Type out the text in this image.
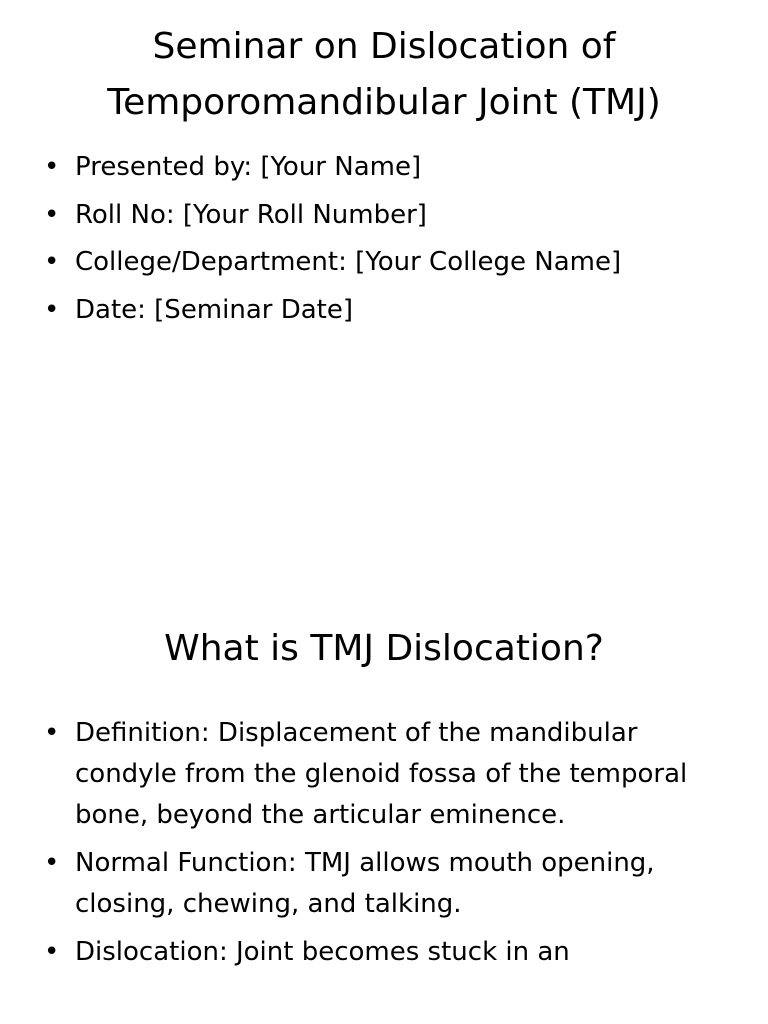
Seminar on Dislocation of Temporomandibular Joint (TMJ)
• Presented by: [Your Name]
• Roll No: [Your Roll Number]
• College/Department: [Your College Name]
• Date: [Seminar Date]
What is TMJ Dislocation?
• Definition: Displacement of the mandibular condyle from the glenoid fossa of the temporal bone, beyond the articular eminence.
• Normal Function: TMJ allows mouth opening, closing, chewing, and talking.
• Dislocation: Joint becomes stuck in an
